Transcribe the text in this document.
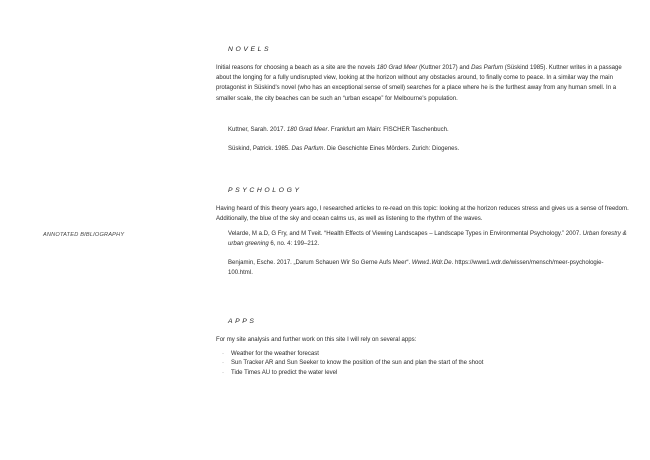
ANNOTATED BIBLIOGRAPHY
NOVELS
Initial reasons for choosing a beach as a site are the novels 180 Grad Meer (Kuttner 2017) and Das Parfum (Süskind 1985). Kuttner writes in a passage about the longing for a fully undisrupted view, looking at the horizon without any obstacles around, to finally come to peace. In a similar way the main protagonist in Süskind's novel (who has an exceptional sense of smell) searches for a place where he is the furthest away from any human smell. In a smaller scale, the city beaches can be such an “urban escape” for Melbourne's population.
Kuttner, Sarah. 2017. 180 Grad Meer. Frankfurt am Main: FISCHER Taschenbuch.
Süskind, Patrick. 1985. Das Parfum. Die Geschichte Eines Mörders. Zurich: Diogenes.
PSYCHOLOGY
Having heard of this theory years ago, I researched articles to re-read on this topic: looking at the horizon reduces stress and gives us a sense of freedom. Additionally, the blue of the sky and ocean calms us, as well as listening to the rhythm of the waves.
Velarde, M a.D, G Fry, and M Tveit. “Health Effects of Viewing Landscapes – Landscape Types in Environmental Psychology.” 2007. Urban forestry & urban greening 6, no. 4: 199–212.
Benjamin, Esche. 2017. „Darum Schauen Wir So Gerne Aufs Meer“. Www1.Wdr.De. https://www1.wdr.de/wissen/mensch/meer-psychologie-100.html.
APPS
For my site analysis and further work on this site I will rely on several apps:
· Weather for the weather forecast
· Sun Tracker AR and Sun Seeker to know the position of the sun and plan the start of the shoot
· Tide Times AU to predict the water level
